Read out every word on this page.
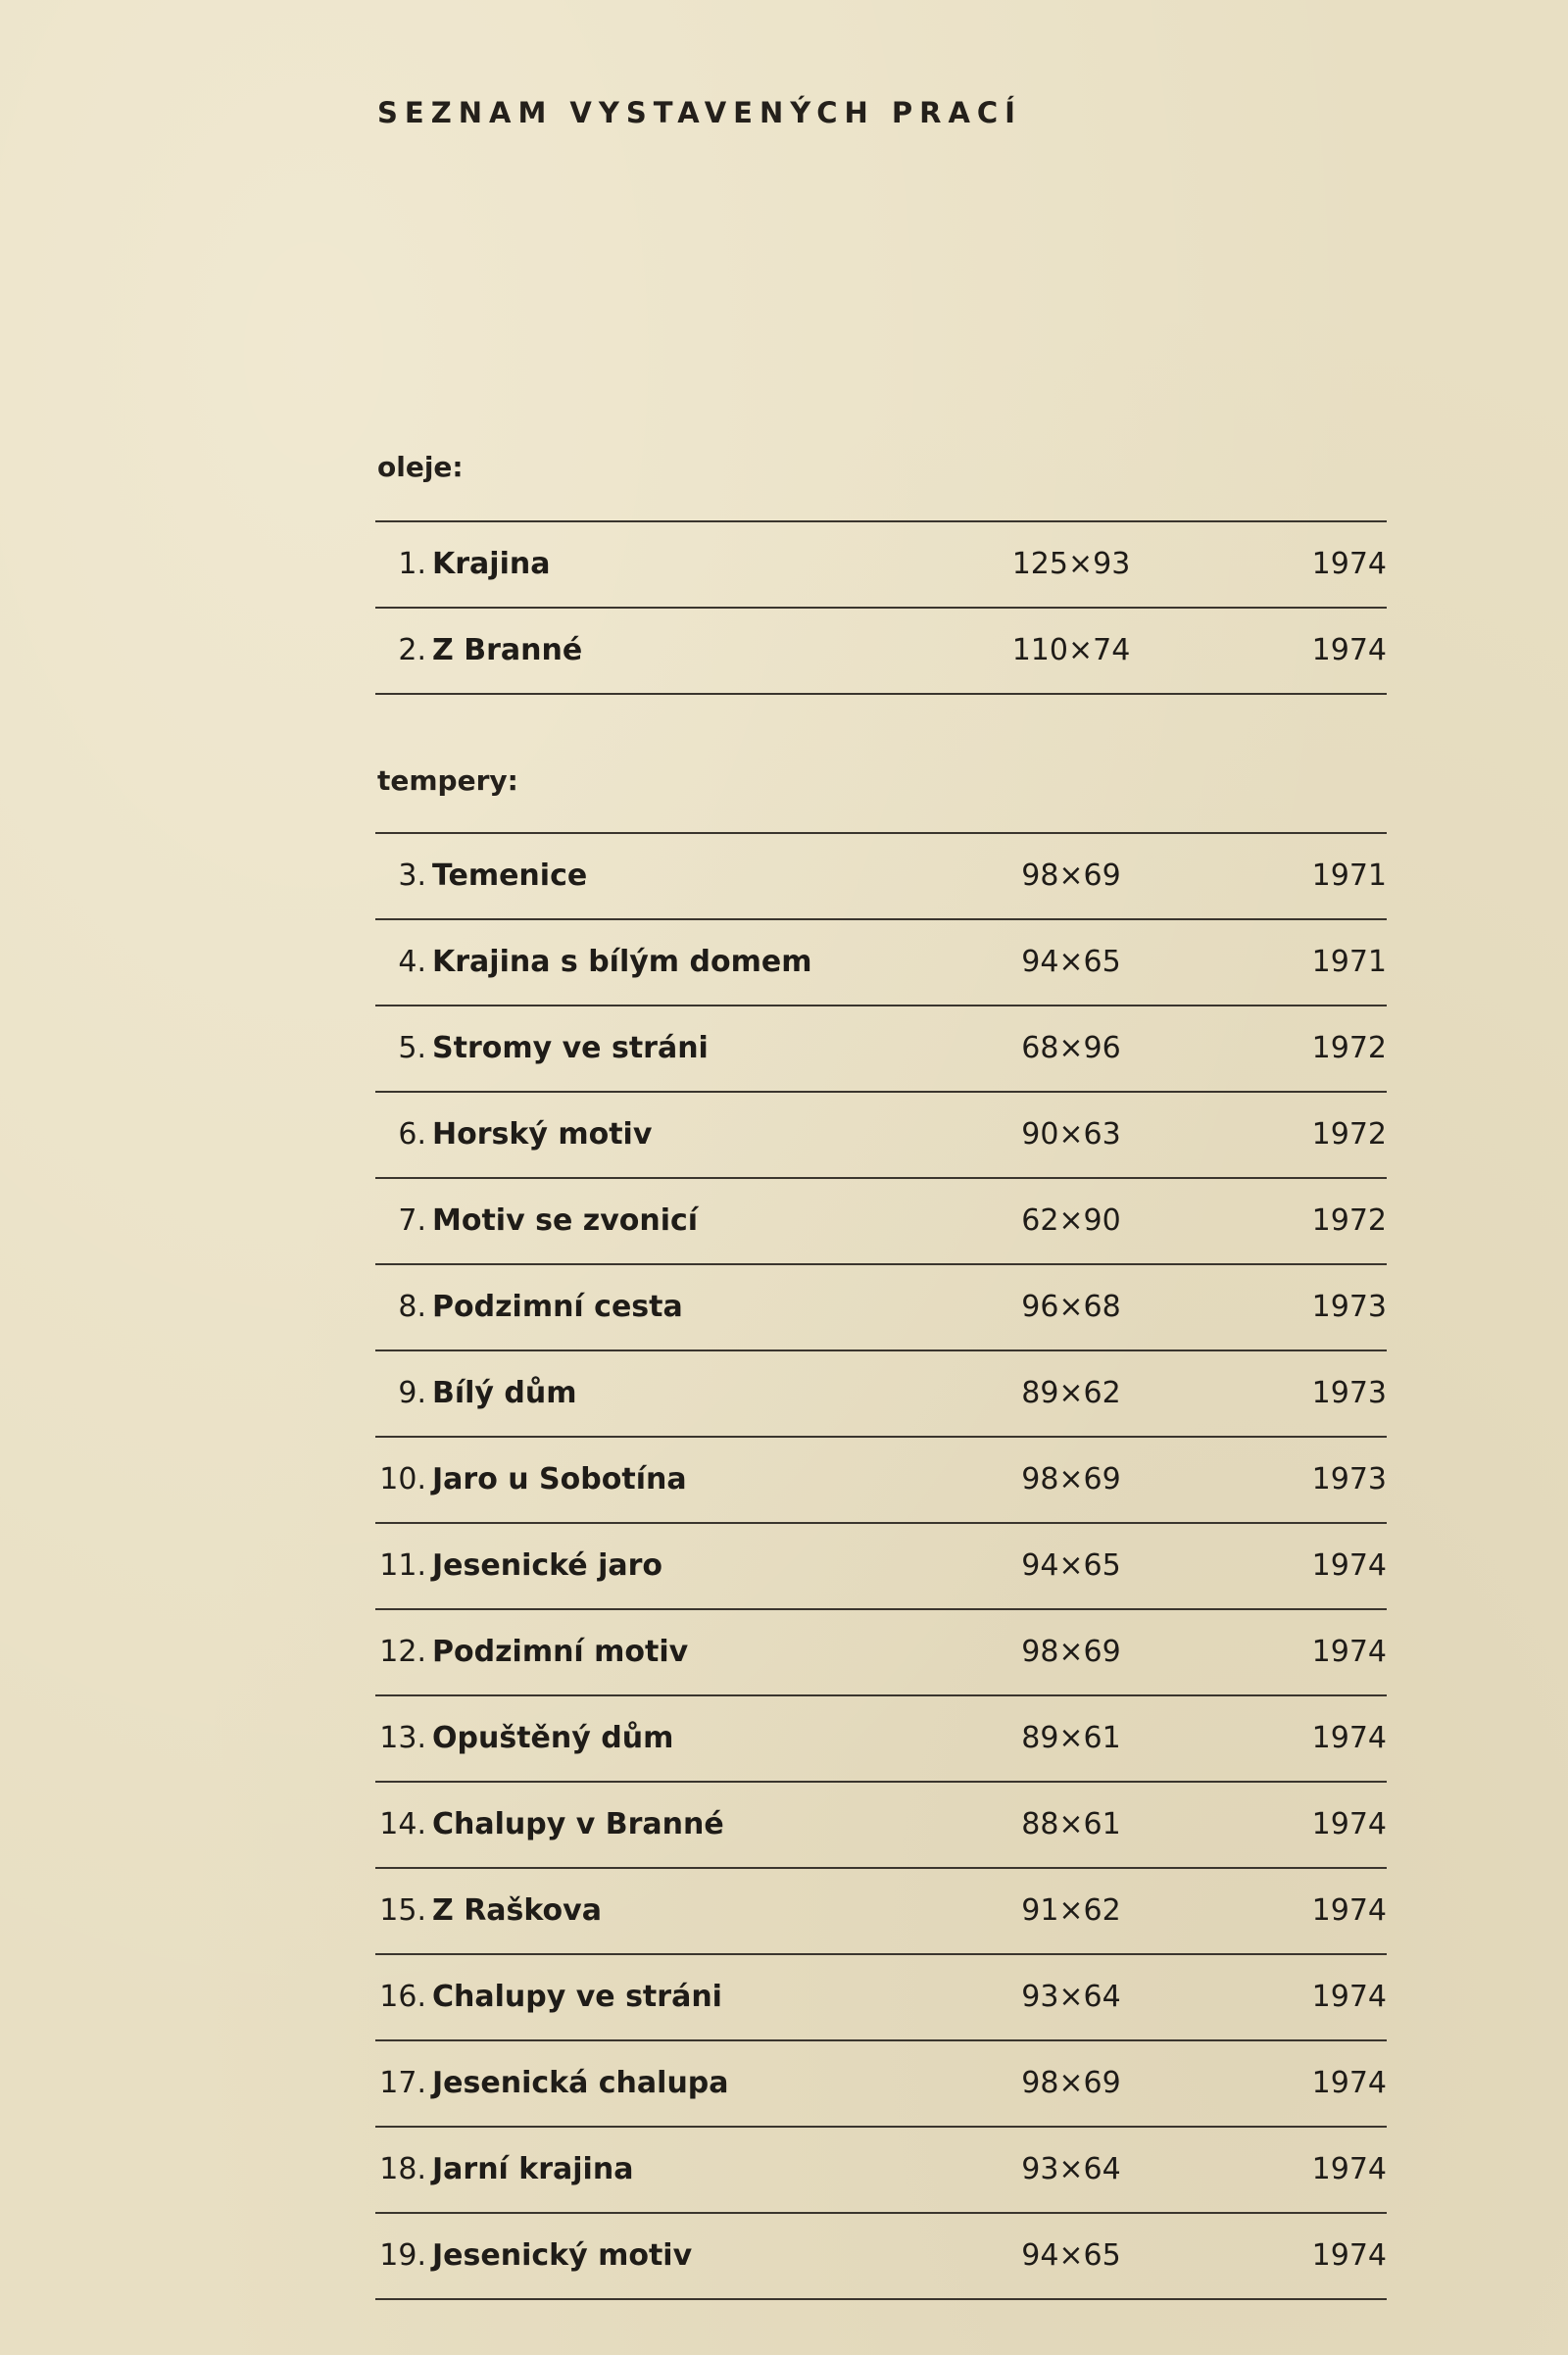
SEZNAM VYSTAVENÝCH PRACÍ
oleje:
1. Krajina	125×93	1974
2. Z Branné	110×74	1974
tempery:
3. Temenice	98×69	1971
4. Krajina s bílým domem	94×65	1971
5. Stromy ve stráni	68×96	1972
6. Horský motiv	90×63	1972
7. Motiv se zvonicí	62×90	1972
8. Podzimní cesta	96×68	1973
9. Bílý dům	89×62	1973
10. Jaro u Sobotína	98×69	1973
11. Jesenické jaro	94×65	1974
12. Podzimní motiv	98×69	1974
13. Opuštěný dům	89×61	1974
14. Chalupy v Branné	88×61	1974
15. Z Raškova	91×62	1974
16. Chalupy ve stráni	93×64	1974
17. Jesenická chalupa	98×69	1974
18. Jarní krajina	93×64	1974
19. Jesenický motiv	94×65	1974
